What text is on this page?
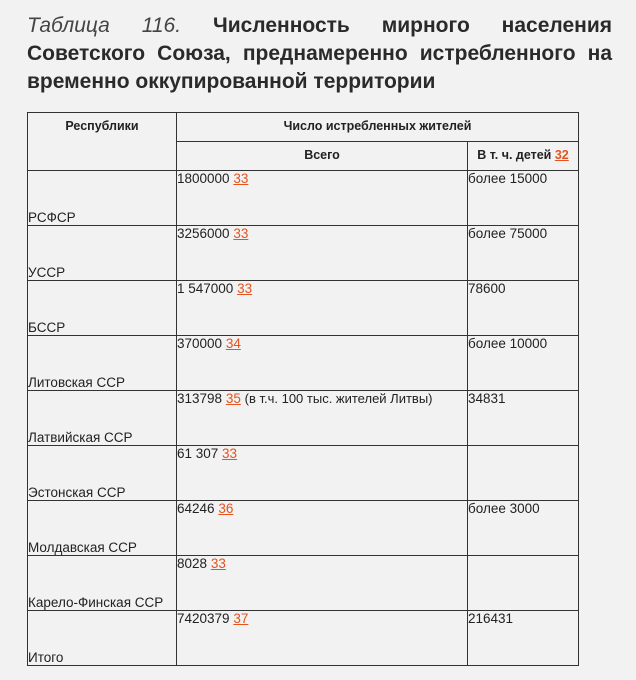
Таблица 116. Численность мирного населения Советского Союза, преднамеренно истребленного на временно оккупированной территории
Республики	Число истребленных жителей	
	Всего	В т. ч. детей 32
РСФСР	1800000 33	более 15000
УССР	3256000 33	более 75000
БССР	1 547000 33	78600
Литовская ССР	370000 34	более 10000
Латвийская ССР	313798 35 (в т.ч. 100 тыс. жителей Литвы)	34831
Эстонская ССР	61 307 33	
Молдавская ССР	64246 36	более 3000
Карело-Финская ССР	8028 33	
Итого	7420379 37	216431
